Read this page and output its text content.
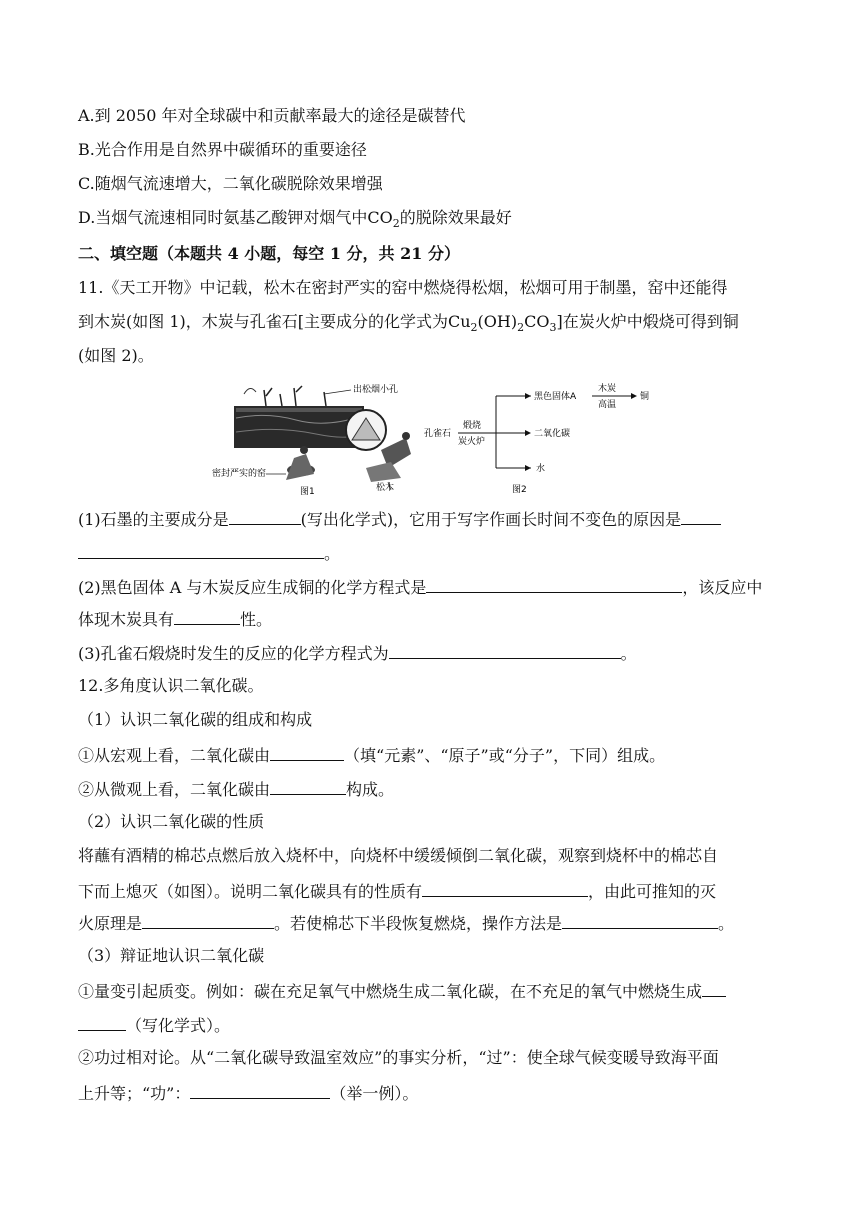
A.到 2050 年对全球碳中和贡献率最大的途径是碳替代
B.光合作用是自然界中碳循环的重要途径
C.随烟气流速增大，二氧化碳脱除效果增强
D.当烟气流速相同时氨基乙酸钾对烟气中$CO_2$的脱除效果最好
二、填空题（本题共 4 小题，每空 1 分，共 21 分）
11.《天工开物》中记载，松木在密封严实的窑中燃烧得松烟，松烟可用于制墨，窑中还能得
到木炭(如图 1)，木炭与孔雀石[主要成分的化学式为$Cu_2(OH)_2CO_3$]在炭火炉中煅烧可得到铜
(如图 2)。
出松烟小孔
密封严实的窑
松木
图1
孔雀石
煅烧
炭火炉
黑色固体A
木炭
高温
铜
二氧化碳
水
图2
(1)石墨的主要成分是	(写出化学式)，它用于写字作画长时间不变色的原因是
。
(2)黑色固体 A 与木炭反应生成铜的化学方程式是	，该反应中
体现木炭具有	性。
(3)孔雀石煅烧时发生的反应的化学方程式为	。
12.多角度认识二氧化碳。
（1）认识二氧化碳的组成和构成
①从宏观上看，二氧化碳由	（填“元素”、“原子”或“分子”，下同）组成。
②从微观上看，二氧化碳由	构成。
（2）认识二氧化碳的性质
将蘸有酒精的棉芯点燃后放入烧杯中，向烧杯中缓缓倾倒二氧化碳，观察到烧杯中的棉芯自
下而上熄灭（如图）。说明二氧化碳具有的性质有	，由此可推知的灭
火原理是	。若使棉芯下半段恢复燃烧，操作方法是	。
（3）辩证地认识二氧化碳
①量变引起质变。例如：碳在充足氧气中燃烧生成二氧化碳，在不充足的氧气中燃烧生成
（写化学式）。
②功过相对论。从“二氧化碳导致温室效应”的事实分析，“过”：使全球气候变暖导致海平面
上升等；“功”：	（举一例）。
